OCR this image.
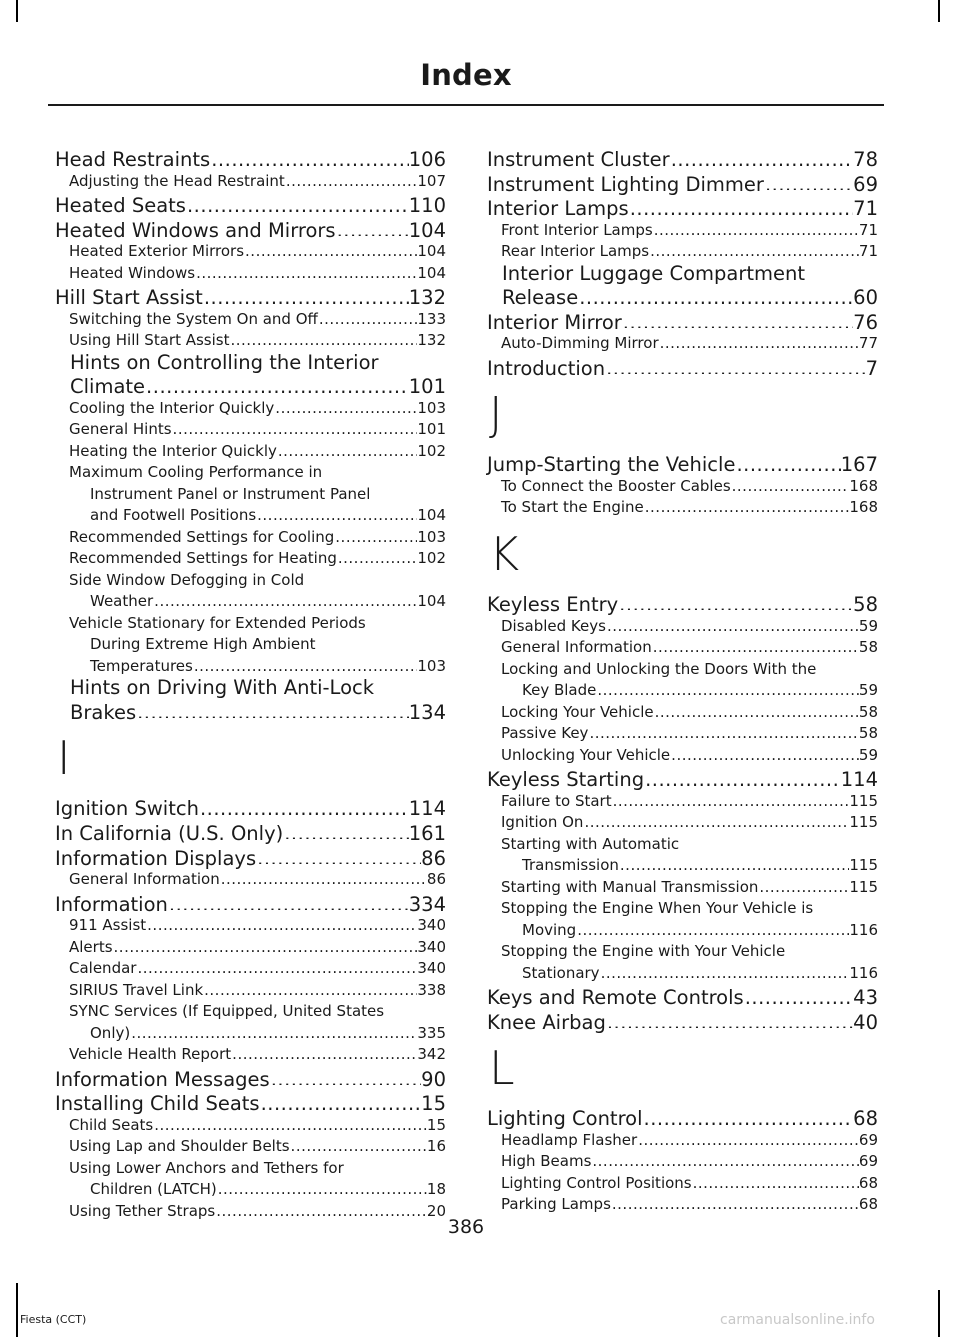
Index
Head Restraints .....	106
Adjusting the Head Restraint .....	107
Heated Seats .....	110
Heated Windows and Mirrors .....	104
Heated Exterior Mirrors .....	104
Heated Windows .....	104
Hill Start Assist .....	132
Switching the System On and Off .....	133
Using Hill Start Assist .....	132
Hints on Controlling the Interior
Climate .....	101
Cooling the Interior Quickly .....	103
General Hints .....	101
Heating the Interior Quickly .....	102
Maximum Cooling Performance in
Instrument Panel or Instrument Panel
and Footwell Positions .....	104
Recommended Settings for Cooling .....	103
Recommended Settings for Heating .....	102
Side Window Defogging in Cold
Weather .....	104
Vehicle Stationary for Extended Periods
During Extreme High Ambient
Temperatures .....	103
Hints on Driving With Anti-Lock
Brakes .....	134
I
Ignition Switch .....	114
In California (U.S. Only) .....	161
Information Displays .....	86
General Information .....	86
Information .....	334
911 Assist .....	340
Alerts .....	340
Calendar .....	340
SIRIUS Travel Link .....	338
SYNC Services (If Equipped, United States
Only) .....	335
Vehicle Health Report .....	342
Information Messages .....	90
Installing Child Seats .....	15
Child Seats .....	15
Using Lap and Shoulder Belts .....	16
Using Lower Anchors and Tethers for
Children (LATCH) .....	18
Using Tether Straps .....	20
Instrument Cluster .....	78
Instrument Lighting Dimmer .....	69
Interior Lamps .....	71
Front Interior Lamps .....	71
Rear Interior Lamps .....	71
Interior Luggage Compartment
Release .....	60
Interior Mirror .....	76
Auto-Dimming Mirror .....	77
Introduction .....	7
J
Jump-Starting the Vehicle .....	167
To Connect the Booster Cables .....	168
To Start the Engine .....	168
K
Keyless Entry .....	58
Disabled Keys .....	59
General Information .....	58
Locking and Unlocking the Doors With the
Key Blade .....	59
Locking Your Vehicle .....	58
Passive Key .....	58
Unlocking Your Vehicle .....	59
Keyless Starting .....	114
Failure to Start .....	115
Ignition On .....	115
Starting with Automatic
Transmission .....	115
Starting with Manual Transmission .....	115
Stopping the Engine When Your Vehicle is
Moving .....	116
Stopping the Engine with Your Vehicle
Stationary .....	116
Keys and Remote Controls .....	43
Knee Airbag .....	40
L
Lighting Control .....	68
Headlamp Flasher .....	69
High Beams .....	69
Lighting Control Positions .....	68
Parking Lamps .....	68
386
Fiesta (CCT)	carmanualsonline.info
